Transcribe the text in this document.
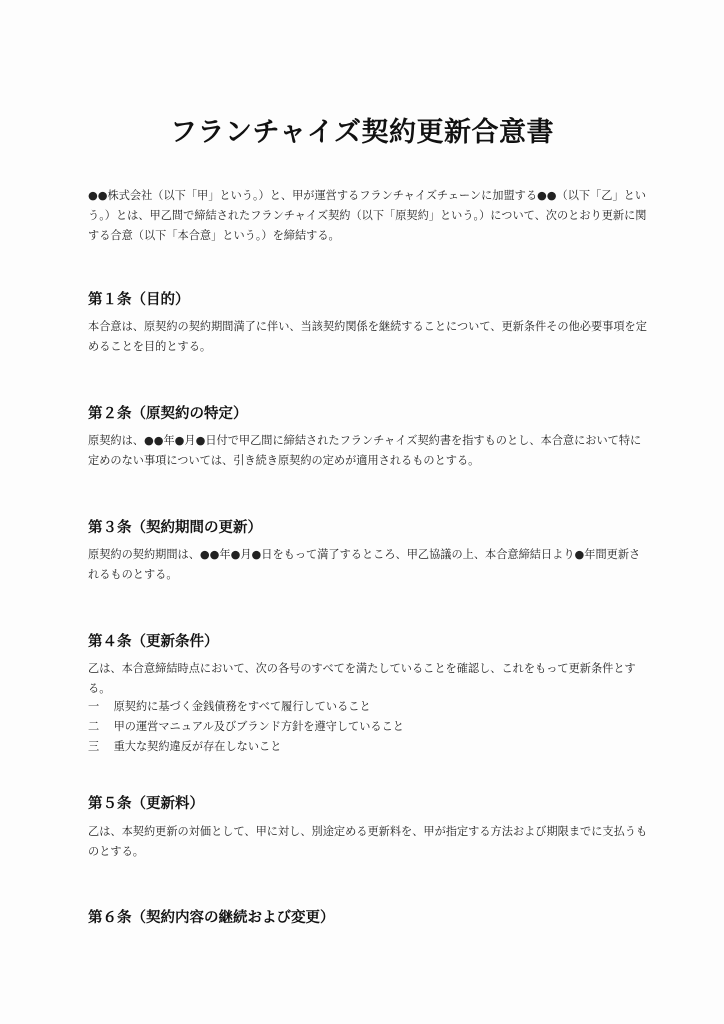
フランチャイズ契約更新合意書

●●株式会社（以下「甲」という。）と、甲が運営するフランチャイズチェーンに加盟する●●（以下「乙」という。）とは、甲乙間で締結されたフランチャイズ契約（以下「原契約」という。）について、次のとおり更新に関する合意（以下「本合意」という。）を締結する。

第１条（目的）

本合意は、原契約の契約期間満了に伴い、当該契約関係を継続することについて、更新条件その他必要事項を定めることを目的とする。

第２条（原契約の特定）

原契約は、●●年●月●日付で甲乙間に締結されたフランチャイズ契約書を指すものとし、本合意において特に定めのない事項については、引き続き原契約の定めが適用されるものとする。

第３条（契約期間の更新）

原契約の契約期間は、●●年●月●日をもって満了するところ、甲乙協議の上、本合意締結日より●年間更新されるものとする。

第４条（更新条件）

乙は、本合意締結時点において、次の各号のすべてを満たしていることを確認し、これをもって更新条件とする。

一 原契約に基づく金銭債務をすべて履行していること
二 甲の運営マニュアル及びブランド方針を遵守していること
三 重大な契約違反が存在しないこと
第５条（更新料）

乙は、本契約更新の対価として、甲に対し、別途定める更新料を、甲が指定する方法および期限までに支払うものとする。

第６条（契約内容の継続および変更）
